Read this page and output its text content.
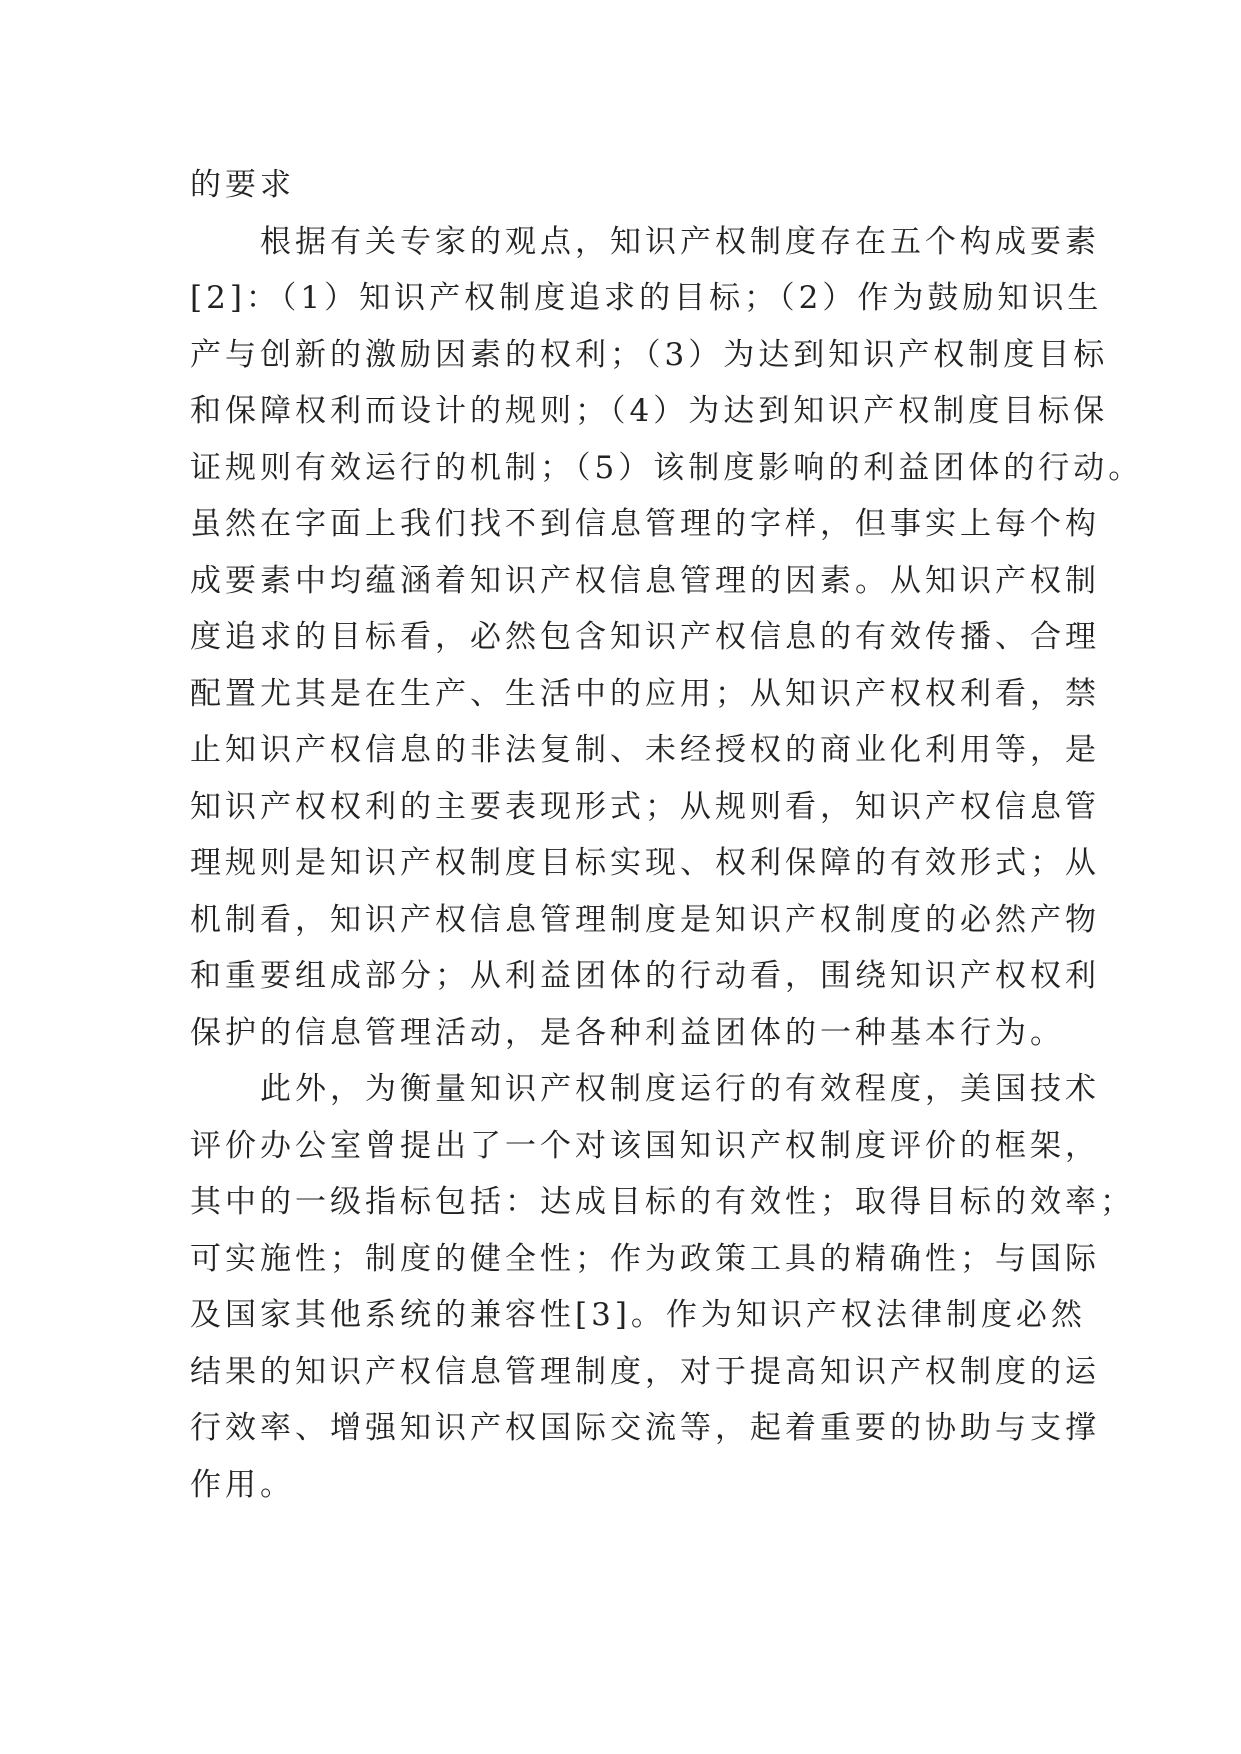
的要求
　　根据有关专家的观点，知识产权制度存在五个构成要素
[2]：（1）知识产权制度追求的目标；（2）作为鼓励知识生
产与创新的激励因素的权利；（3）为达到知识产权制度目标
和保障权利而设计的规则；（4）为达到知识产权制度目标保
证规则有效运行的机制；（5）该制度影响的利益团体的行动。
虽然在字面上我们找不到信息管理的字样，但事实上每个构
成要素中均蕴涵着知识产权信息管理的因素。从知识产权制
度追求的目标看，必然包含知识产权信息的有效传播、合理
配置尤其是在生产、生活中的应用；从知识产权权利看，禁
止知识产权信息的非法复制、未经授权的商业化利用等，是
知识产权权利的主要表现形式；从规则看，知识产权信息管
理规则是知识产权制度目标实现、权利保障的有效形式；从
机制看，知识产权信息管理制度是知识产权制度的必然产物
和重要组成部分；从利益团体的行动看，围绕知识产权权利
保护的信息管理活动，是各种利益团体的一种基本行为。
　　此外，为衡量知识产权制度运行的有效程度，美国技术
评价办公室曾提出了一个对该国知识产权制度评价的框架，
其中的一级指标包括：达成目标的有效性；取得目标的效率；
可实施性；制度的健全性；作为政策工具的精确性；与国际
及国家其他系统的兼容性[3]。作为知识产权法律制度必然
结果的知识产权信息管理制度，对于提高知识产权制度的运
行效率、增强知识产权国际交流等，起着重要的协助与支撑
作用。
